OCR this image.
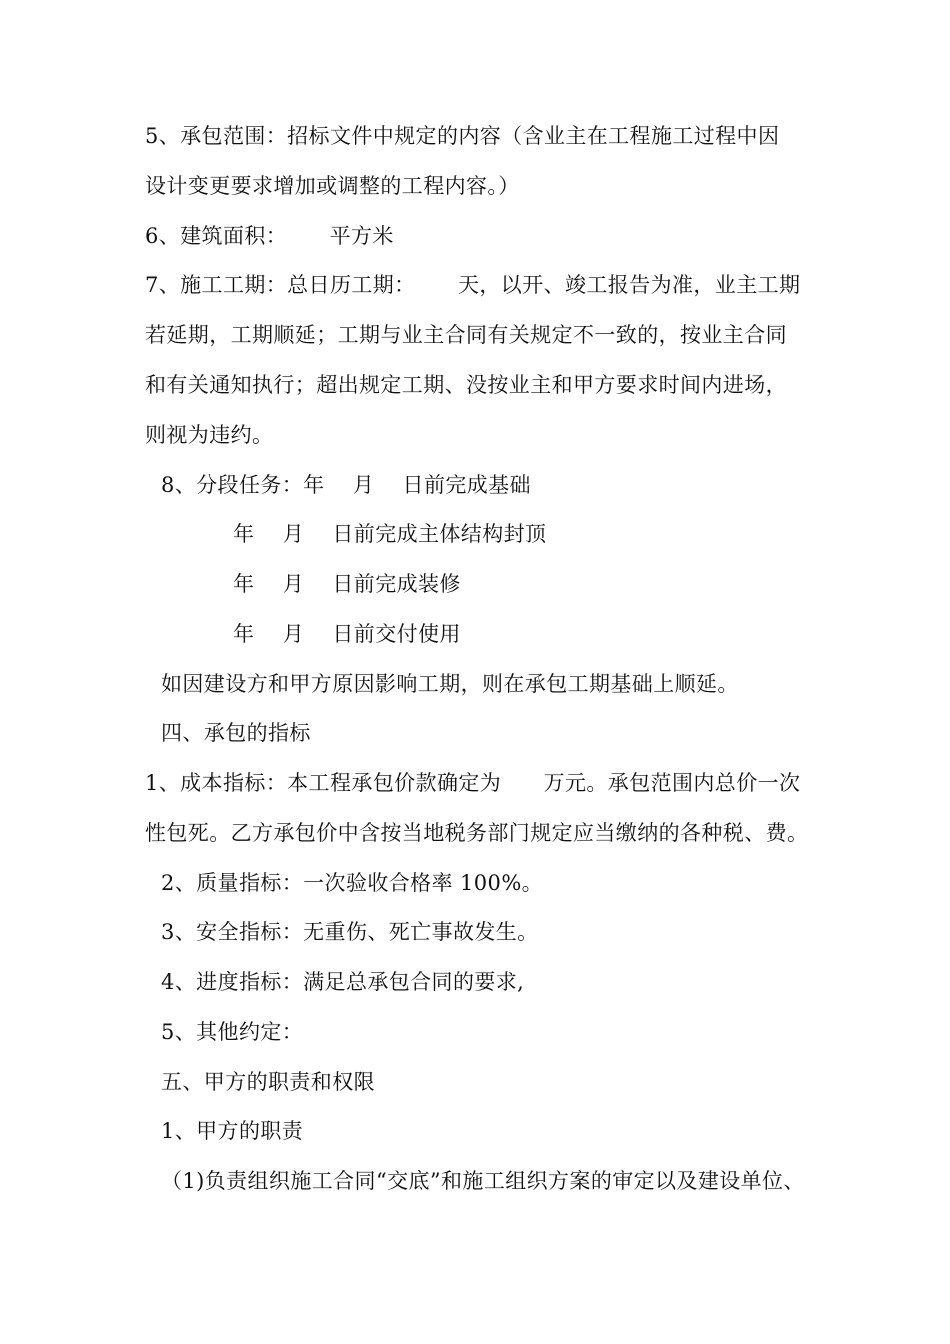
5、承包范围：招标文件中规定的内容（含业主在工程施工过程中因
设计变更要求增加或调整的工程内容。）
6、建筑面积：      平方米
7、施工工期：总日历工期：      天，以开、竣工报告为准，业主工期
若延期，工期顺延；工期与业主合同有关规定不一致的，按业主合同
和有关通知执行；超出规定工期、没按业主和甲方要求时间内进场，
则视为违约。
8、分段任务：年    月    日前完成基础
年    月    日前完成主体结构封顶
年    月    日前完成装修
年    月    日前交付使用
如因建设方和甲方原因影响工期，则在承包工期基础上顺延。
四、承包的指标
1、成本指标：本工程承包价款确定为      万元。承包范围内总价一次
性包死。乙方承包价中含按当地税务部门规定应当缴纳的各种税、费。
2、质量指标：一次验收合格率 100%。
3、安全指标：无重伤、死亡事故发生。
4、进度指标：满足总承包合同的要求,
5、其他约定：
五、甲方的职责和权限
1、甲方的职责
（1)负责组织施工合同“交底”和施工组织方案的审定以及建设单位、
